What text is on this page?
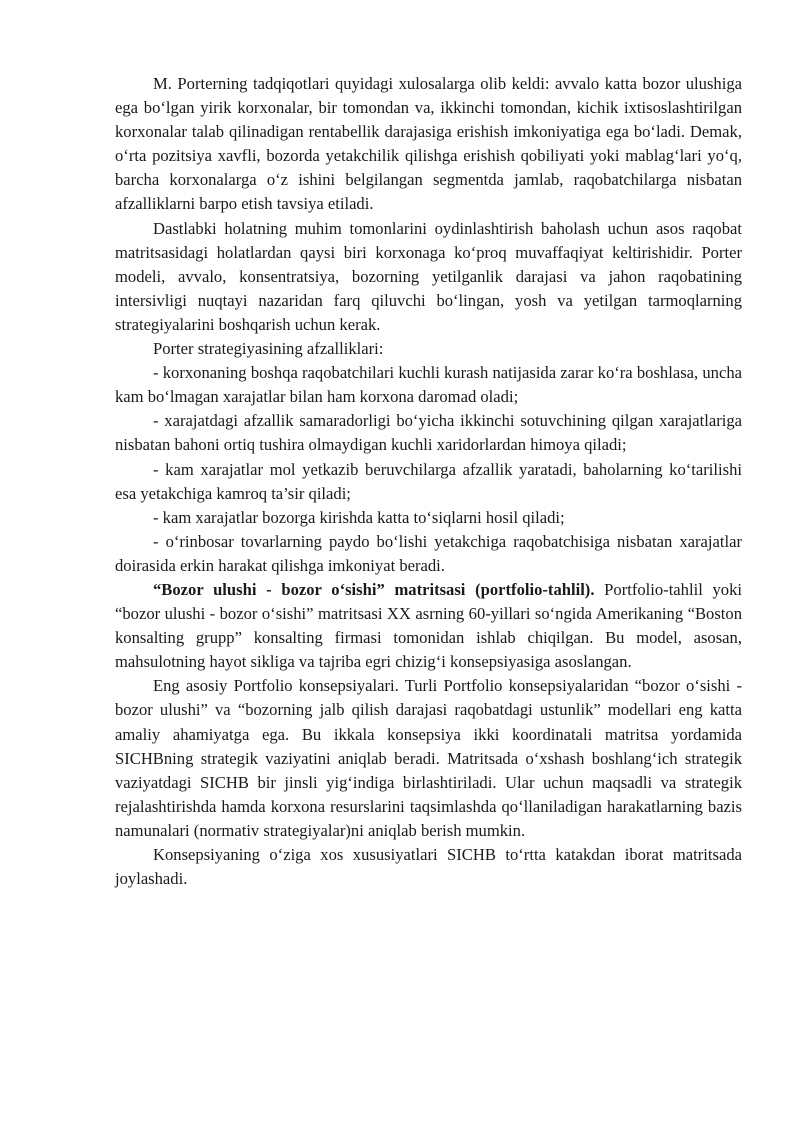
M. Porterning tadqiqotlari quyidagi xulosalarga olib keldi: avvalo katta bozor ulushiga ega bo‘lgan yirik korxonalar, bir tomondan va, ikkinchi tomondan, kichik ixtisoslashtirilgan korxonalar talab qilinadigan rentabellik darajasiga erishish imkoniyatiga ega bo‘ladi. Demak, o‘rta pozitsiya xavfli, bozorda yetakchilik qilishga erishish qobiliyati yoki mablag‘lari yo‘q, barcha korxonalarga o‘z ishini belgilangan segmentda jamlab, raqobatchilarga nisbatan afzalliklarni barpo etish tavsiya etiladi.

Dastlabki holatning muhim tomonlarini oydinlashtirish baholash uchun asos raqobat matritsasidagi holatlardan qaysi biri korxonaga ko‘proq muvaffaqiyat keltirishidir. Porter modeli, avvalo, konsentratsiya, bozorning yetilganlik darajasi va jahon raqobatining intersivligi nuqtayi nazaridan farq qiluvchi bo‘lingan, yosh va yetilgan tarmoqlarning strategiyalarini boshqarish uchun kerak.

Porter strategiyasining afzalliklari:

- korxonaning boshqa raqobatchilari kuchli kurash natijasida zarar ko‘ra boshlasa, uncha kam bo‘lmagan xarajatlar bilan ham korxona daromad oladi;

- xarajatdagi afzallik samaradorligi bo‘yicha ikkinchi sotuvchining qilgan xarajatlariga nisbatan bahoni ortiq tushira olmaydigan kuchli xaridorlardan himoya qiladi;

- kam xarajatlar mol yetkazib beruvchilarga afzallik yaratadi, baholarning ko‘tarilishi esa yetakchiga kamroq ta’sir qiladi;

- kam xarajatlar bozorga kirishda katta to‘siqlarni hosil qiladi;

- o‘rinbosar tovarlarning paydo bo‘lishi yetakchiga raqobatchisiga nisbatan xarajatlar doirasida erkin harakat qilishga imkoniyat beradi.

“Bozor ulushi - bozor o‘sishi” matritsasi (portfolio-tahlil). Portfolio-tahlil yoki “bozor ulushi - bozor o‘sishi” matritsasi XX asrning 60-yillari so‘ngida Amerikaning “Boston konsalting grupp” konsalting firmasi tomonidan ishlab chiqilgan. Bu model, asosan, mahsulotning hayot sikliga va tajriba egri chizig‘i konsepsiyasiga asoslangan.

Eng asosiy Portfolio konsepsiyalari. Turli Portfolio konsepsiyalaridan “bozor o‘sishi - bozor ulushi” va “bozorning jalb qilish darajasi raqobatdagi ustunlik” modellari eng katta amaliy ahamiyatga ega. Bu ikkala konsepsiya ikki koordinatali matritsa yordamida SICHBning strategik vaziyatini aniqlab beradi. Matritsada o‘xshash boshlang‘ich strategik vaziyatdagi SICHB bir jinsli yig‘indiga birlashtiriladi. Ular uchun maqsadli va strategik rejalashtirishda hamda korxona resurslarini taqsimlashda qo‘llaniladigan harakatlarning bazis namunalari (normativ strategiyalar)ni aniqlab berish mumkin.

Konsepsiyaning o‘ziga xos xususiyatlari SICHB to‘rtta katakdan iborat matritsada joylashadi.
